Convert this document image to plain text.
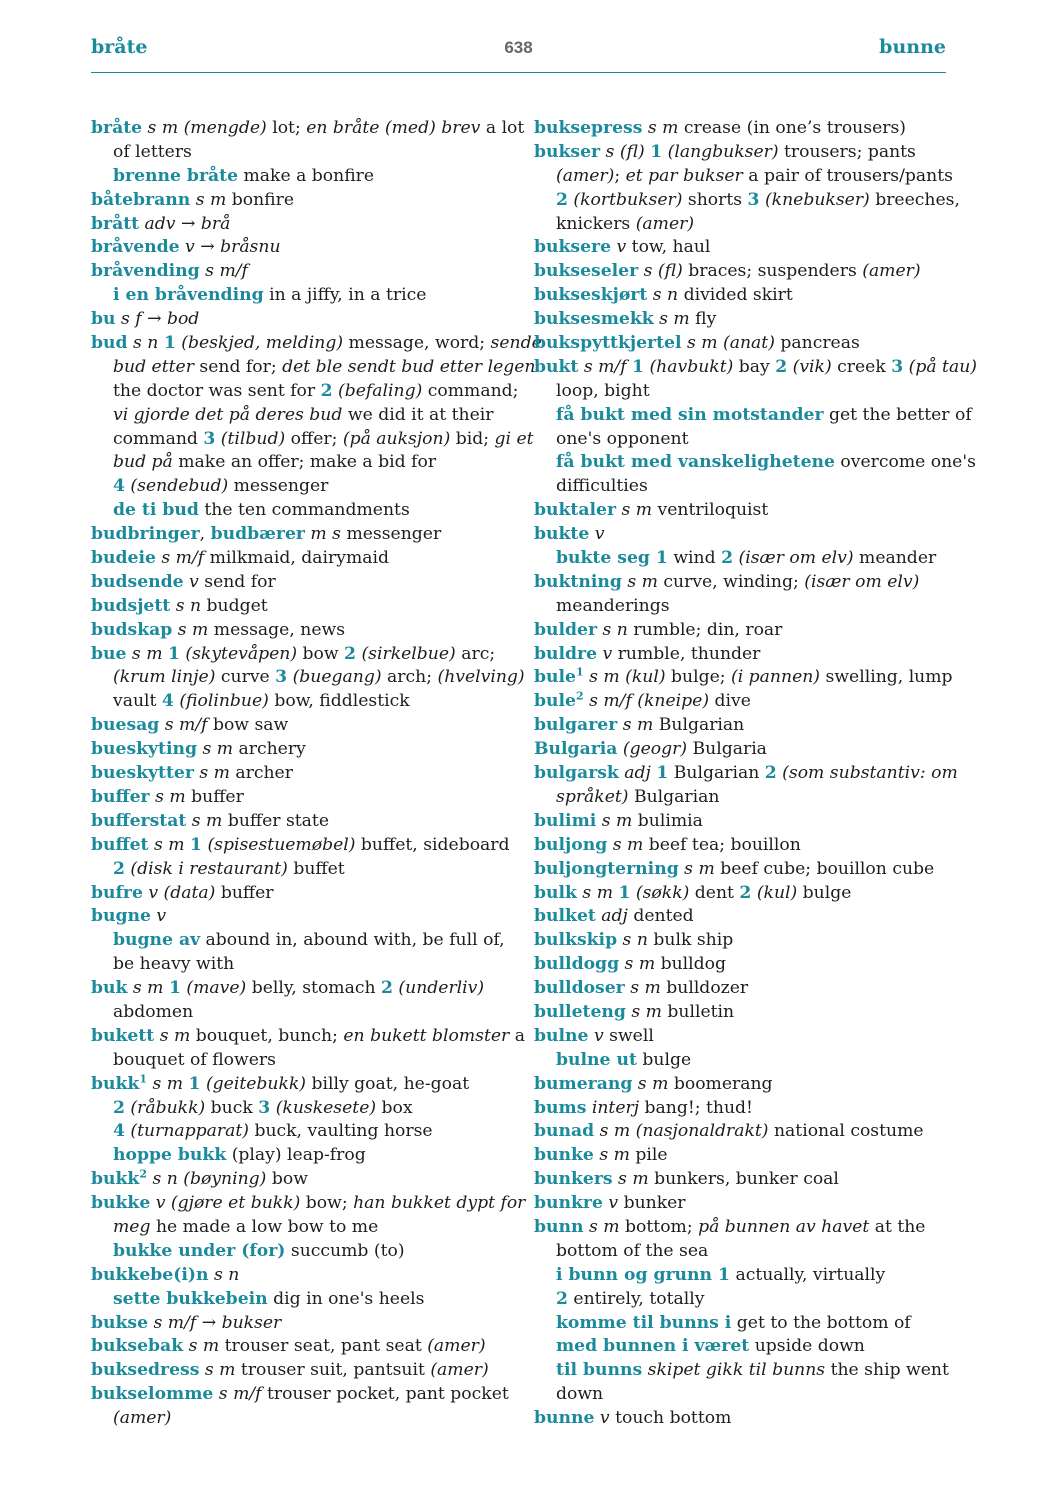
bråte	638	bunne
bråte s m (mengde) lot; en bråte (med) brev a lot
of letters
brenne bråte make a bonfire
båtebrann s m bonfire
brått adv → brå
bråvende v → bråsnu
bråvending s m/f
i en bråvending in a jiffy, in a trice
bu s f → bod
bud s n 1 (beskjed, melding) message, word; sende
bud etter send for; det ble sendt bud etter legen
the doctor was sent for 2 (befaling) command;
vi gjorde det på deres bud we did it at their
command 3 (tilbud) offer; (på auksjon) bid; gi et
bud på make an offer; make a bid for
4 (sendebud) messenger
de ti bud the ten commandments
budbringer, budbærer m s messenger
budeie s m/f milkmaid, dairymaid
budsende v send for
budsjett s n budget
budskap s m message, news
bue s m 1 (skytevåpen) bow 2 (sirkelbue) arc;
(krum linje) curve 3 (buegang) arch; (hvelving)
vault 4 (fiolinbue) bow, fiddlestick
buesag s m/f bow saw
bueskyting s m archery
bueskytter s m archer
buffer s m buffer
bufferstat s m buffer state
buffet s m 1 (spisestuemøbel) buffet, sideboard
2 (disk i restaurant) buffet
bufre v (data) buffer
bugne v
bugne av abound in, abound with, be full of,
be heavy with
buk s m 1 (mave) belly, stomach 2 (underliv)
abdomen
bukett s m bouquet, bunch; en bukett blomster a
bouquet of flowers
bukk$^1$ s m 1 (geitebukk) billy goat, he-goat
2 (råbukk) buck 3 (kuskesete) box
4 (turnapparat) buck, vaulting horse
hoppe bukk (play) leap-frog
bukk$^2$ s n (bøyning) bow
bukke v (gjøre et bukk) bow; han bukket dypt for
meg he made a low bow to me
bukke under (for) succumb (to)
bukkebe(i)n s n
sette bukkebein dig in one's heels
bukse s m/f → bukser
buksebak s m trouser seat, pant seat (amer)
buksedress s m trouser suit, pantsuit (amer)
bukselomme s m/f trouser pocket, pant pocket
(amer)
buksepress s m crease (in one’s trousers)
bukser s (fl) 1 (langbukser) trousers; pants
(amer); et par bukser a pair of trousers/pants
2 (kortbukser) shorts 3 (knebukser) breeches,
knickers (amer)
buksere v tow, haul
bukseseler s (fl) braces; suspenders (amer)
bukseskjørt s n divided skirt
buksesmekk s m fly
bukspyttkjertel s m (anat) pancreas
bukt s m/f 1 (havbukt) bay 2 (vik) creek 3 (på tau)
loop, bight
få bukt med sin motstander get the better of
one's opponent
få bukt med vanskelighetene overcome one's
difficulties
buktaler s m ventriloquist
bukte v
bukte seg 1 wind 2 (især om elv) meander
buktning s m curve, winding; (især om elv)
meanderings
bulder s n rumble; din, roar
buldre v rumble, thunder
bule$^1$ s m (kul) bulge; (i pannen) swelling, lump
bule$^2$ s m/f (kneipe) dive
bulgarer s m Bulgarian
Bulgaria (geogr) Bulgaria
bulgarsk adj 1 Bulgarian 2 (som substantiv: om
språket) Bulgarian
bulimi s m bulimia
buljong s m beef tea; bouillon
buljongterning s m beef cube; bouillon cube
bulk s m 1 (søkk) dent 2 (kul) bulge
bulket adj dented
bulkskip s n bulk ship
bulldogg s m bulldog
bulldoser s m bulldozer
bulleteng s m bulletin
bulne v swell
bulne ut bulge
bumerang s m boomerang
bums interj bang!; thud!
bunad s m (nasjonaldrakt) national costume
bunke s m pile
bunkers s m bunkers, bunker coal
bunkre v bunker
bunn s m bottom; på bunnen av havet at the
bottom of the sea
i bunn og grunn 1 actually, virtually
2 entirely, totally
komme til bunns i get to the bottom of
med bunnen i været upside down
til bunns skipet gikk til bunns the ship went
down
bunne v touch bottom
